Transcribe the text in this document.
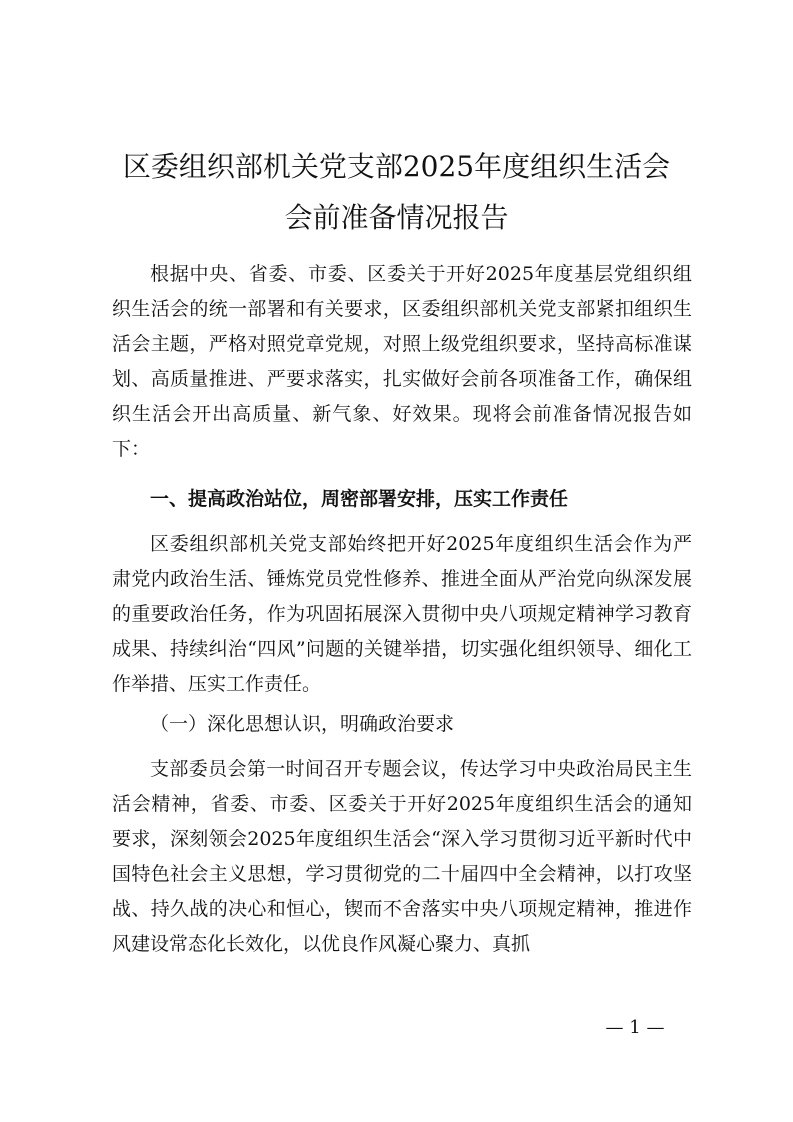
区委组织部机关党支部2025年度组织生活会
会前准备情况报告

根据中央、省委、市委、区委关于开好2025年度基层党组织组织生活会的统一部署和有关要求，区委组织部机关党支部紧扣组织生活会主题，严格对照党章党规，对照上级党组织要求，坚持高标准谋划、高质量推进、严要求落实，扎实做好会前各项准备工作，确保组织生活会开出高质量、新气象、好效果。现将会前准备情况报告如下：

一、提高政治站位，周密部署安排，压实工作责任

区委组织部机关党支部始终把开好2025年度组织生活会作为严肃党内政治生活、锤炼党员党性修养、推进全面从严治党向纵深发展的重要政治任务，作为巩固拓展深入贯彻中央八项规定精神学习教育成果、持续纠治“四风”问题的关键举措，切实强化组织领导、细化工作举措、压实工作责任。

（一）深化思想认识，明确政治要求

支部委员会第一时间召开专题会议，传达学习中央政治局民主生活会精神，省委、市委、区委关于开好2025年度组织生活会的通知要求，深刻领会2025年度组织生活会“深入学习贯彻习近平新时代中国特色社会主义思想，学习贯彻党的二十届四中全会精神，以打攻坚战、持久战的决心和恒心，锲而不舍落实中央八项规定精神，推进作风建设常态化长效化，以优良作风凝心聚力、真抓

— 1 —
